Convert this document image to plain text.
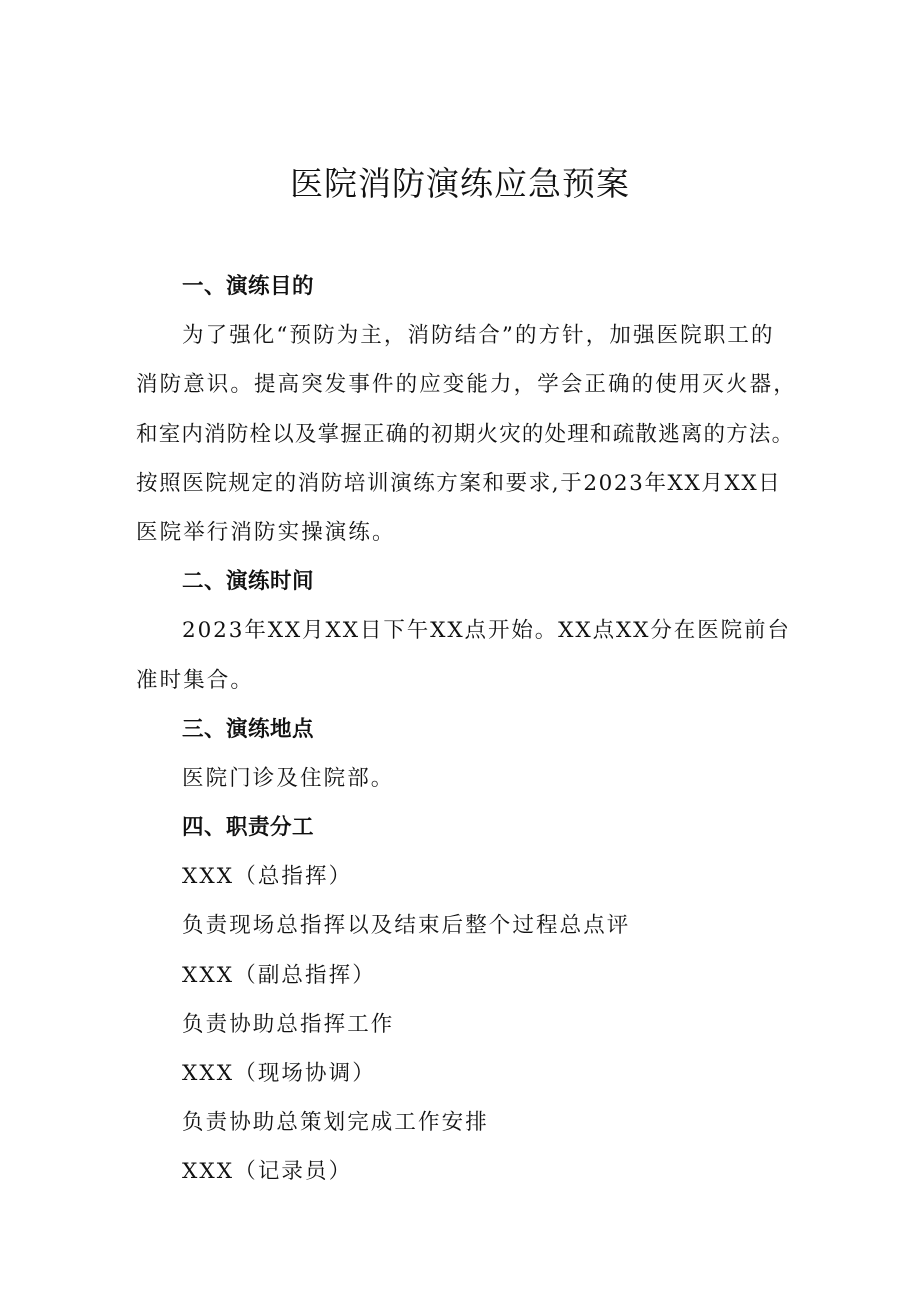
医院消防演练应急预案
一、演练目的
为了强化“预防为主，消防结合”的方针，加强医院职工的
消防意识。提高突发事件的应变能力，学会正确的使用灭火器，
和室内消防栓以及掌握正确的初期火灾的处理和疏散逃离的方法。
按照医院规定的消防培训演练方案和要求,于2023年XX月XX日
医院举行消防实操演练。
二、演练时间
2023年XX月XX日下午XX点开始。XX点XX分在医院前台
准时集合。
三、演练地点
医院门诊及住院部。
四、职责分工
XXX（总指挥）
负责现场总指挥以及结束后整个过程总点评
XXX（副总指挥）
负责协助总指挥工作
XXX（现场协调）
负责协助总策划完成工作安排
XXX（记录员）
